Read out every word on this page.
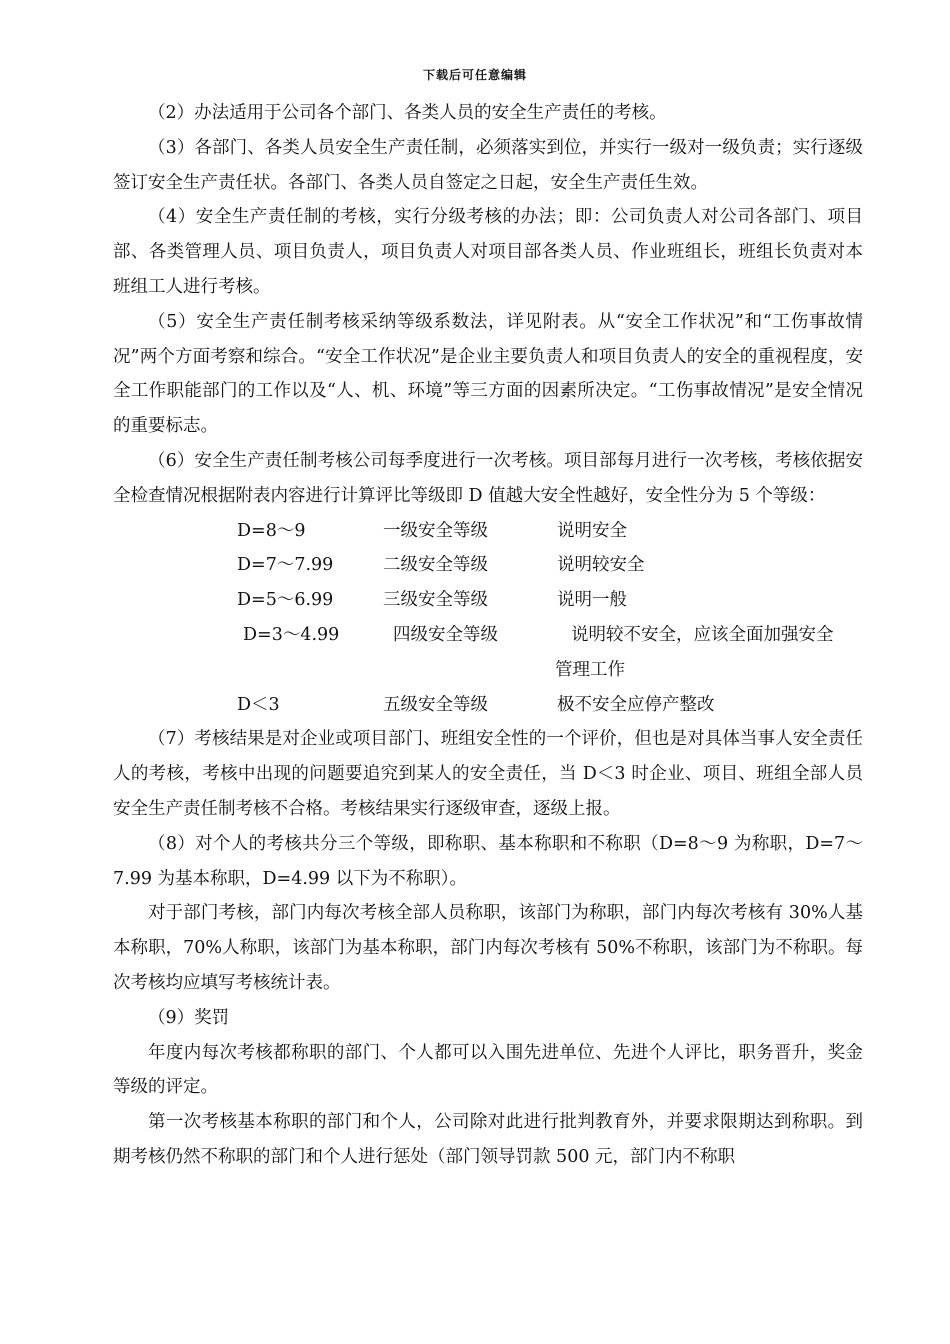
下载后可任意编辑

（2）办法适用于公司各个部门、各类人员的安全生产责任的考核。

（3）各部门、各类人员安全生产责任制，必须落实到位，并实行一级对一级负责；实行逐级签订安全生产责任状。各部门、各类人员自签定之日起，安全生产责任生效。

（4）安全生产责任制的考核，实行分级考核的办法；即：公司负责人对公司各部门、项目部、各类管理人员、项目负责人，项目负责人对项目部各类人员、作业班组长，班组长负责对本班组工人进行考核。

（5）安全生产责任制考核采纳等级系数法，详见附表。从“安全工作状况”和“工伤事故情况”两个方面考察和综合。“安全工作状况”是企业主要负责人和项目负责人的安全的重视程度，安全工作职能部门的工作以及“人、机、环境”等三方面的因素所决定。“工伤事故情况”是安全情况的重要标志。

（6）安全生产责任制考核公司每季度进行一次考核。项目部每月进行一次考核，考核依据安全检查情况根据附表内容进行计算评比等级即 D 值越大安全性越好，安全性分为 5 个等级：

D=8～9	一级安全等级	说明安全
D=7～7.99	二级安全等级	说明较安全
D=5～6.99	三级安全等级	说明一般
D=3～4.99	四级安全等级	说明较不安全，应该全面加强安全
管理工作
D＜3	五级安全等级	极不安全应停产整改

（7）考核结果是对企业或项目部门、班组安全性的一个评价，但也是对具体当事人安全责任人的考核，考核中出现的问题要追究到某人的安全责任，当 D＜3 时企业、项目、班组全部人员安全生产责任制考核不合格。考核结果实行逐级审查，逐级上报。

（8）对个人的考核共分三个等级，即称职、基本称职和不称职（D=8～9 为称职，D=7～7.99 为基本称职，D=4.99 以下为不称职）。

对于部门考核，部门内每次考核全部人员称职，该部门为称职，部门内每次考核有 30%人基本称职，70%人称职，该部门为基本称职，部门内每次考核有 50%不称职，该部门为不称职。每次考核均应填写考核统计表。

（9）奖罚

年度内每次考核都称职的部门、个人都可以入围先进单位、先进个人评比，职务晋升，奖金等级的评定。

第一次考核基本称职的部门和个人，公司除对此进行批判教育外，并要求限期达到称职。到期考核仍然不称职的部门和个人进行惩处（部门领导罚款 500 元，部门内不称职
